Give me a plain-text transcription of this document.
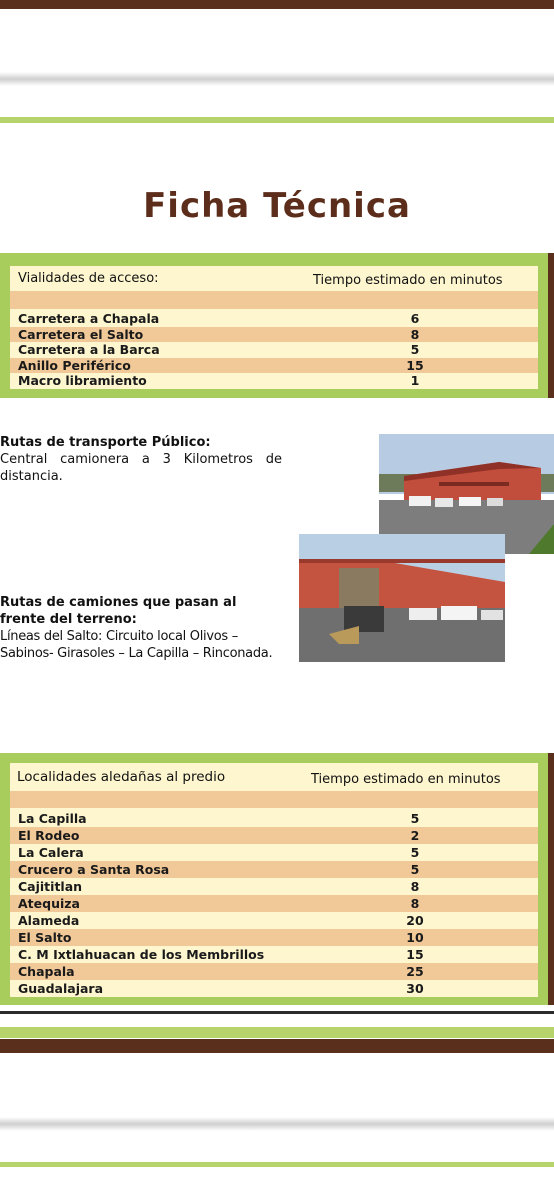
Ficha Técnica
Vialidades de acceso:	Tiempo estimado en minutos
Carretera a Chapala	6
Carretera el Salto	8
Carretera a la Barca	5
Anillo Periférico	15
Macro libramiento	1
Rutas de transporte Público:
Central camionera a 3 Kilometros de distancia.
Rutas de camiones que pasan al frente del terreno:
Líneas del Salto: Circuito local Olivos – Sabinos- Girasoles – La Capilla – Rinconada.
Localidades aledañas al predio	Tiempo estimado en minutos
La Capilla	5
El Rodeo	2
La Calera	5
Crucero a Santa Rosa	5
Cajititlan	8
Atequiza	8
Alameda	20
El Salto	10
C. M Ixtlahuacan de los Membrillos	15
Chapala	25
Guadalajara	30
